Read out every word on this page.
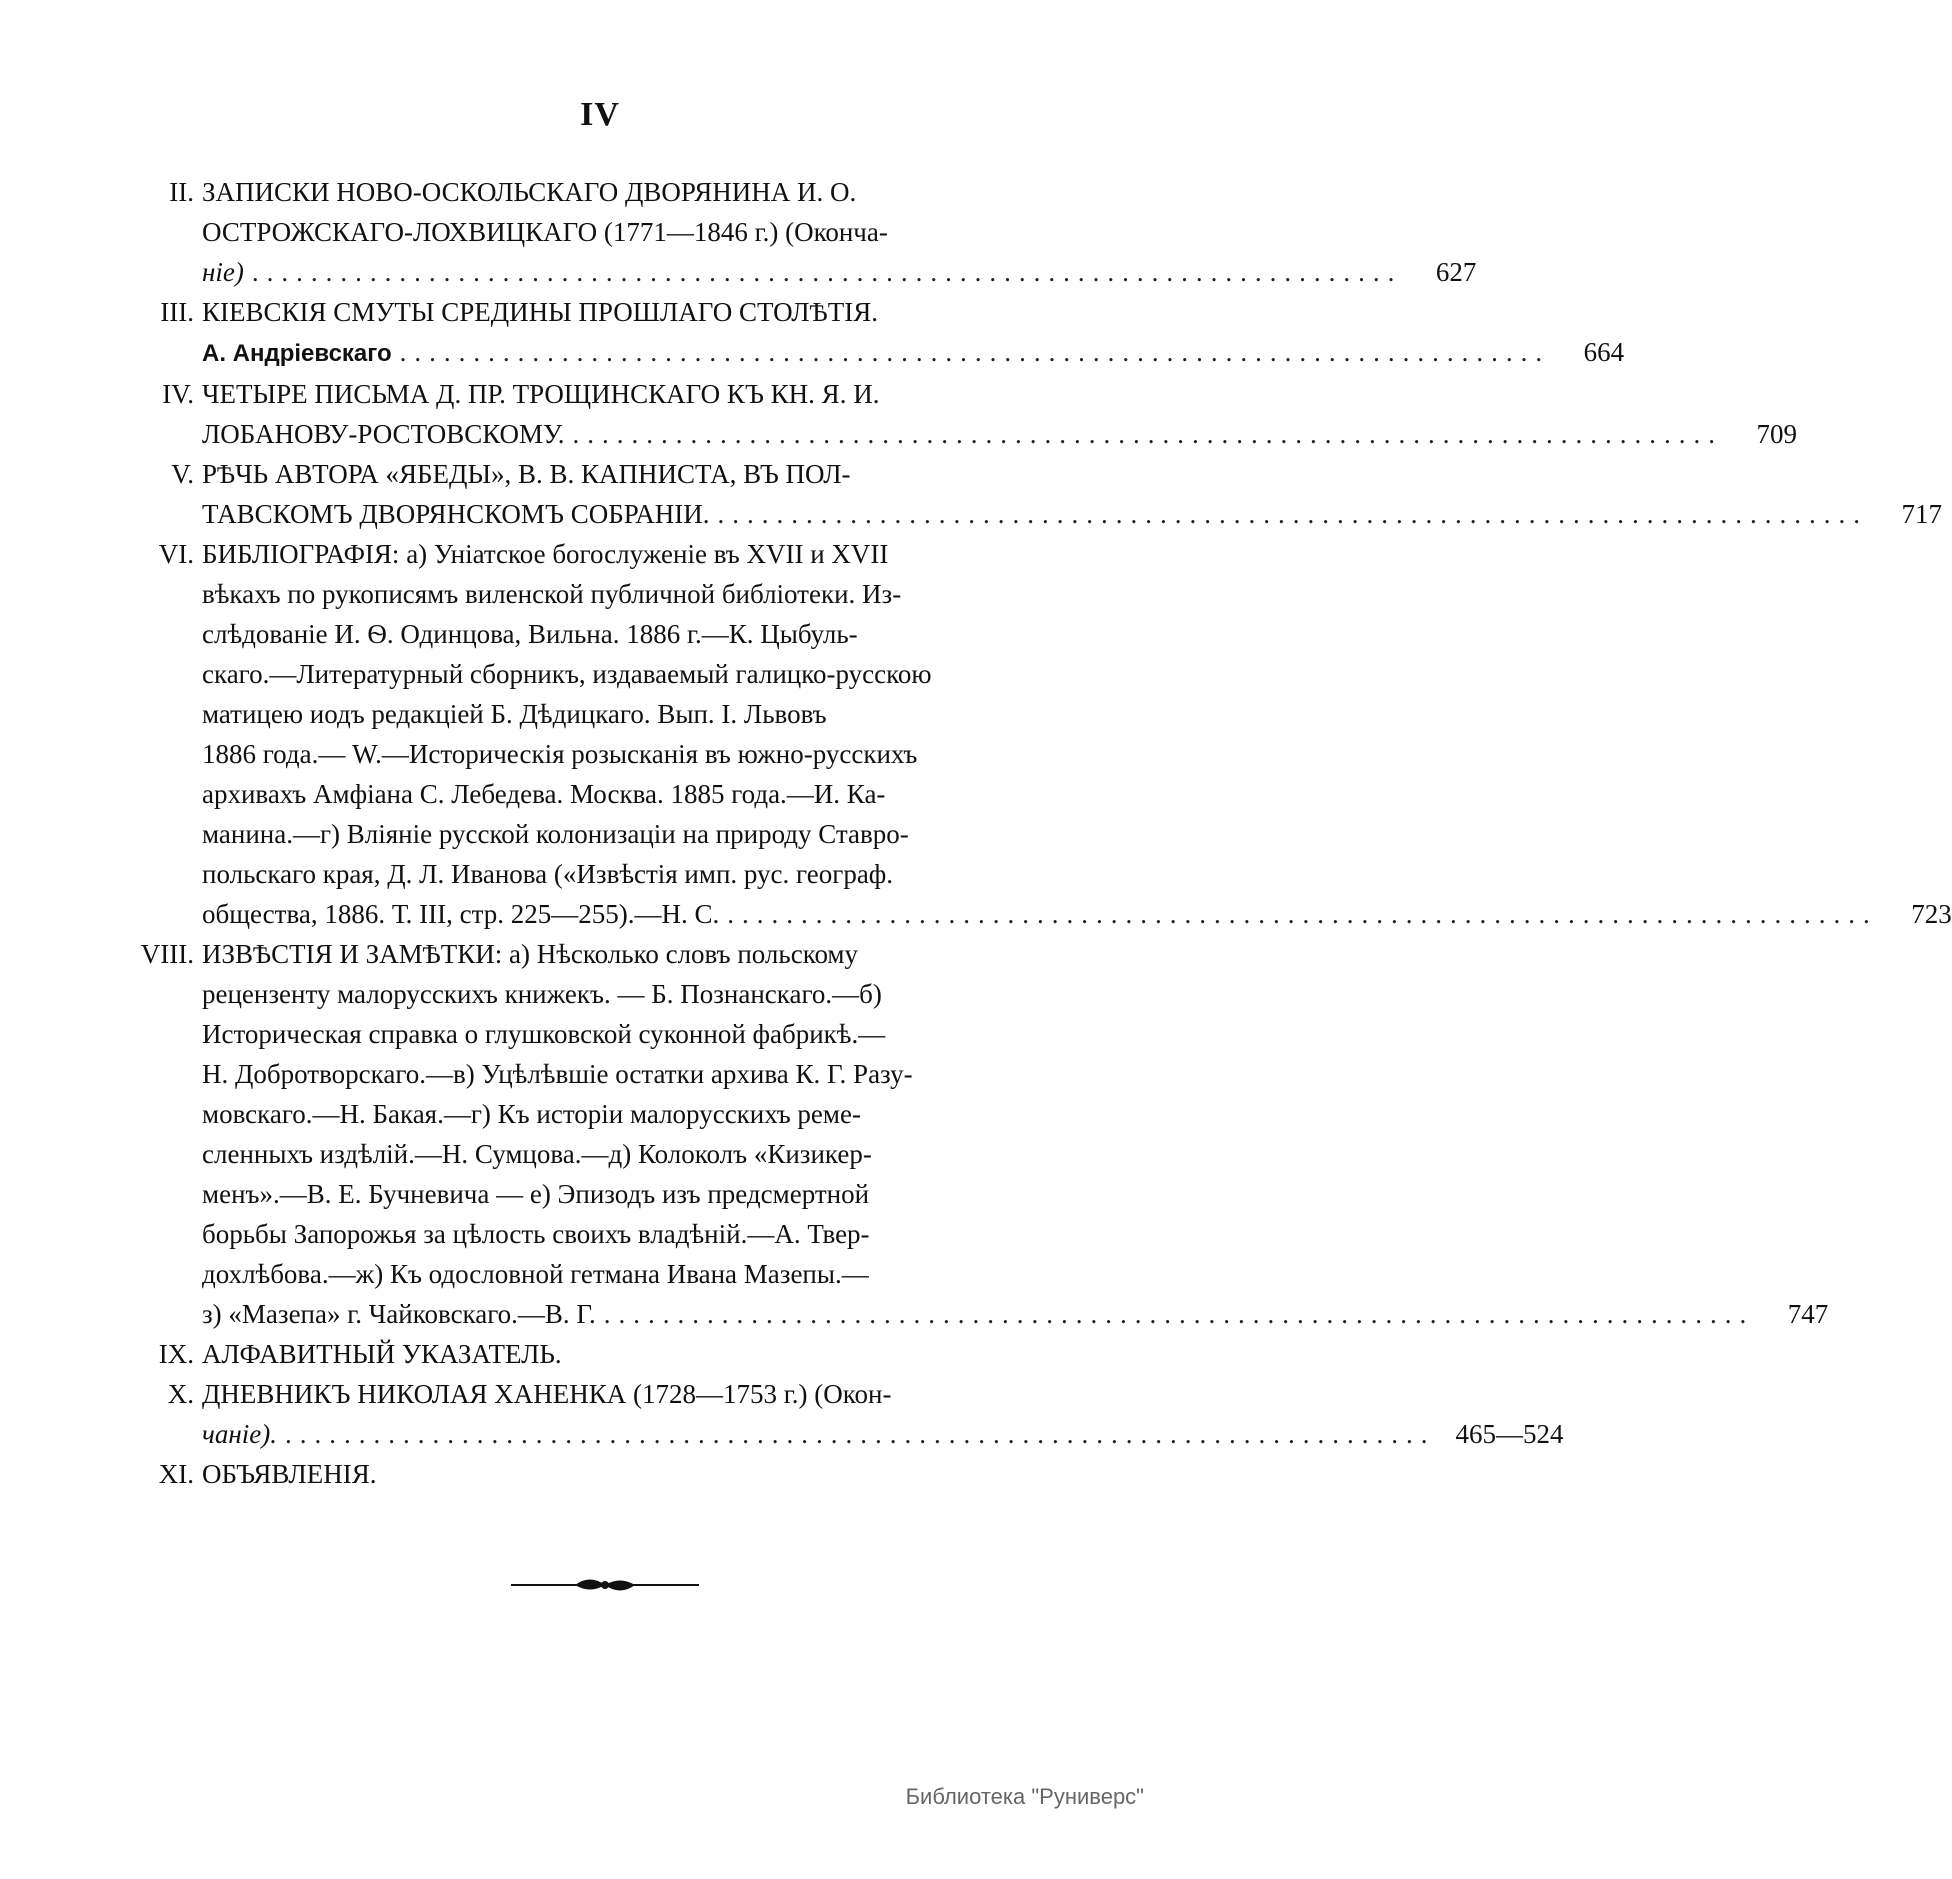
IV
II. ЗАПИСКИ НОВО-ОСКОЛЬСКАГО ДВОРЯНИНА И. О.
ОСТРОЖСКАГО-ЛОХВИЦКАГО (1771—1846 г.) (Оконча-
ніе) ..............................................................................	627
III. КІЕВСКІЯ СМУТЫ СРЕДИНЫ ПРОШЛАГО СТОЛѢТІЯ.
А. Андріевскаго ..............................................................................	664
IV. ЧЕТЫРЕ ПИСЬМА Д. ПР. ТРОЩИНСКАГО КЪ КН. Я. И.
ЛОБАНОВУ-РОСТОВСКОМУ. ..............................................................................	709
V. РѢЧЬ АВТОРА «ЯБЕДЫ», В. В. КАПНИСТА, ВЪ ПОЛ-
ТАВСКОМЪ ДВОРЯНСКОМЪ СОБРАНІИ. ..............................................................................	717
VI. БИБЛІОГРАФІЯ: а) Уніатское богослуженіе въ XVII и XVII
вѣкахъ по рукописямъ виленской публичной библіотеки. Из-
слѣдованіе И. Ѳ. Одинцова, Вильна. 1886 г.—К. Цыбуль-
скаго.—Литературный сборникъ, издаваемый галицко-русскою
матицею иодъ редакціей Б. Дѣдицкаго. Вып. I. Львовъ
1886 года.— W.—Историческія розысканія въ южно-русскихъ
архивахъ Амфіана С. Лебедева. Москва. 1885 года.—И. Ка-
манина.—г) Вліяніе русской колонизаціи на природу Ставро-
польскаго края, Д. Л. Иванова («Извѣстія имп. рус. географ.
общества, 1886. Т. III, стр. 225—255).—Н. С. ..............................................................................	723
VIII. ИЗВѢСТІЯ И ЗАМѢТКИ: а) Нѣсколько словъ польскому
рецензенту малорусскихъ книжекъ. — Б. Познанскаго.—б)
Историческая справка о глушковской суконной фабрикѣ.—
Н. Добротворскаго.—в) Уцѣлѣвшіе остатки архива К. Г. Разу-
мовскаго.—Н. Бакая.—г) Къ исторіи малорусскихъ реме-
сленныхъ издѣлій.—Н. Сумцова.—д) Колоколъ «Кизикер-
менъ».—В. Е. Бучневича — е) Эпизодъ изъ предсмертной
борьбы Запорожья за цѣлость своихъ владѣній.—А. Твер-
дохлѣбова.—ж) Къ одословной гетмана Ивана Мазепы.—
з) «Мазепа» г. Чайковскаго.—В. Г. ..............................................................................	747
IX. АЛФАВИТНЫЙ УКАЗАТЕЛЬ.
X. ДНЕВНИКЪ НИКОЛАЯ ХАНЕНКА (1728—1753 г.) (Окон-
чаніе). .............................................................................. 465—524
XI. ОБЪЯВЛЕНІЯ.
Библиотека "Руниверс"
